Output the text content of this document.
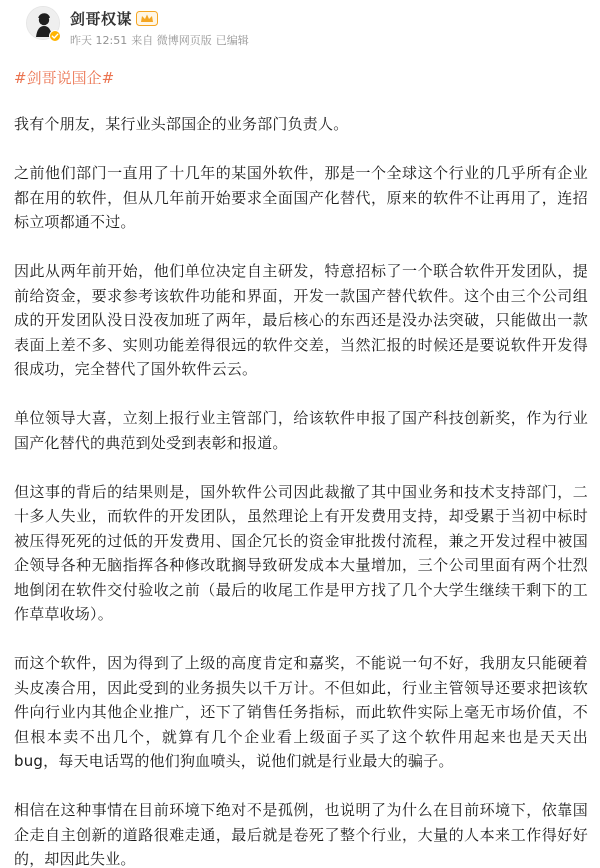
剑哥权谋
昨天 12:51 来自 微博网页版 已编辑
#剑哥说国企#

我有个朋友，某行业头部国企的业务部门负责人。

之前他们部门一直用了十几年的某国外软件，那是一个全球这个行业的几乎所有企业都在用的软件，但从几年前开始要求全面国产化替代，原来的软件不让再用了，连招标立项都通不过。

因此从两年前开始，他们单位决定自主研发，特意招标了一个联合软件开发团队，提前给资金，要求参考该软件功能和界面，开发一款国产替代软件。这个由三个公司组成的开发团队没日没夜加班了两年，最后核心的东西还是没办法突破，只能做出一款表面上差不多、实则功能差得很远的软件交差，当然汇报的时候还是要说软件开发得很成功，完全替代了国外软件云云。

单位领导大喜，立刻上报行业主管部门，给该软件申报了国产科技创新奖，作为行业国产化替代的典范到处受到表彰和报道。

但这事的背后的结果则是，国外软件公司因此裁撤了其中国业务和技术支持部门，二十多人失业，而软件的开发团队，虽然理论上有开发费用支持，却受累于当初中标时被压得死死的过低的开发费用、国企冗长的资金审批拨付流程，兼之开发过程中被国企领导各种无脑指挥各种修改耽搁导致研发成本大量增加，三个公司里面有两个壮烈地倒闭在软件交付验收之前（最后的收尾工作是甲方找了几个大学生继续干剩下的工作草草收场）。

而这个软件，因为得到了上级的高度肯定和嘉奖，不能说一句不好，我朋友只能硬着头皮凑合用，因此受到的业务损失以千万计。不但如此，行业主管领导还要求把该软件向行业内其他企业推广，还下了销售任务指标，而此软件实际上毫无市场价值，不但根本卖不出几个，就算有几个企业看上级面子买了这个软件用起来也是天天出bug，每天电话骂的他们狗血喷头，说他们就是行业最大的骗子。

相信在这种事情在目前环境下绝对不是孤例，也说明了为什么在目前环境下，依靠国企走自主创新的道路很难走通，最后就是卷死了整个行业，大量的人本来工作得好好的，却因此失业。
